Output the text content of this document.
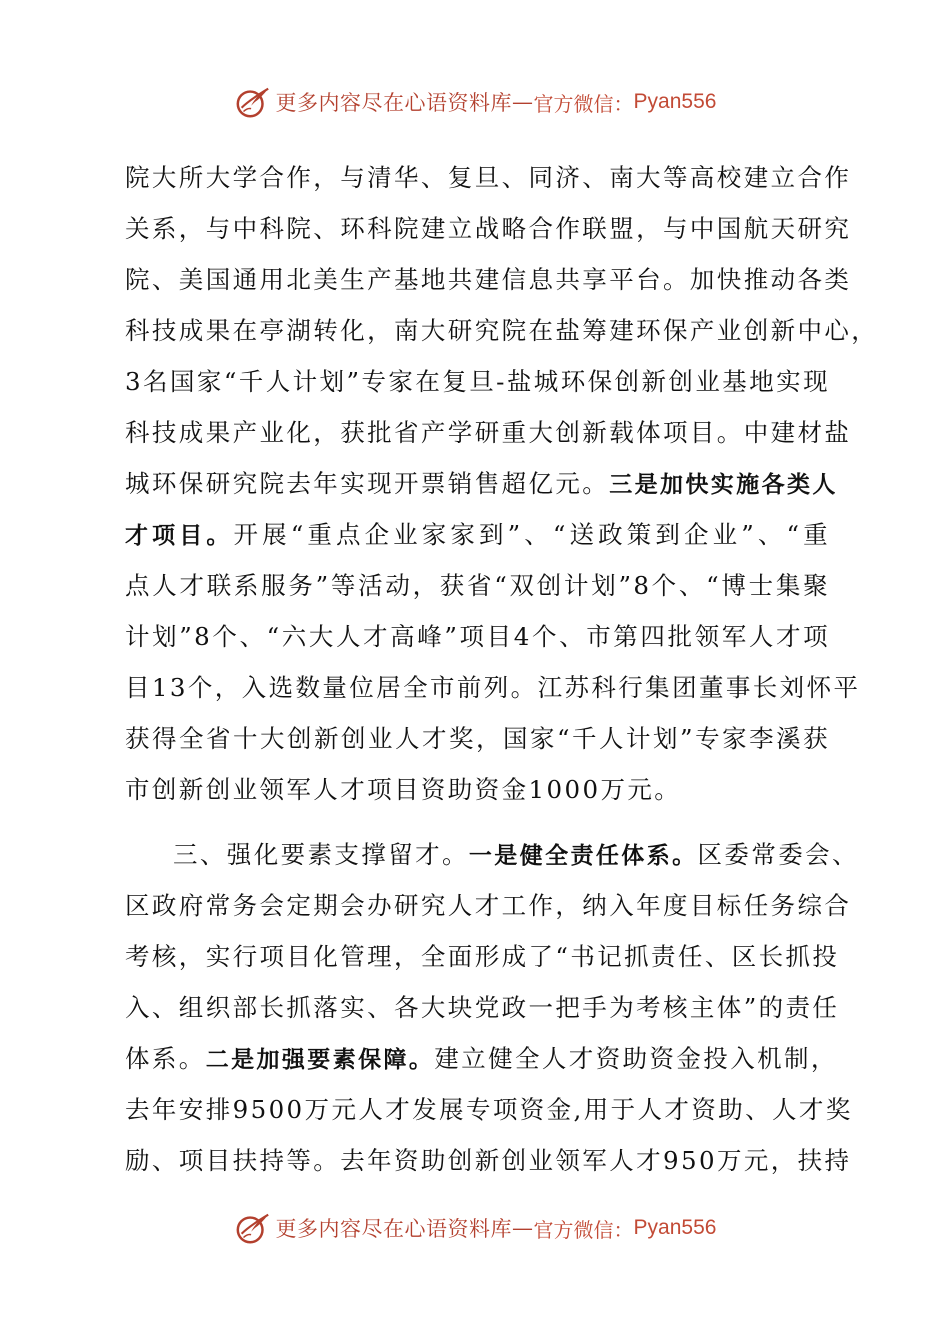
更多内容尽在心语资料库 — 官方微信： Pyan556
院大所大学合作，与清华、复旦、同济、南大等高校建立合作
关系，与中科院、环科院建立战略合作联盟，与中国航天研究
院、美国通用北美生产基地共建信息共享平台。加快推动各类
科技成果在亭湖转化，南大研究院在盐筹建环保产业创新中心，
3名国家“千人计划”专家在复旦-盐城环保创新创业基地实现
科技成果产业化，获批省产学研重大创新载体项目。中建材盐
城环保研究院去年实现开票销售超亿元。三是加快实施各类人
才项目。开展“重点企业家家到”、“送政策到企业”、“重
点人才联系服务”等活动，获省“双创计划”8个、“博士集聚
计划”8个、“六大人才高峰”项目4个、市第四批领军人才项
目13个，入选数量位居全市前列。江苏科行集团董事长刘怀平
获得全省十大创新创业人才奖，国家“千人计划”专家李溪获
市创新创业领军人才项目资助资金1000万元。
三、强化要素支撑留才。一是健全责任体系。区委常委会、
区政府常务会定期会办研究人才工作，纳入年度目标任务综合
考核，实行项目化管理，全面形成了“书记抓责任、区长抓投
入、组织部长抓落实、各大块党政一把手为考核主体”的责任
体系。二是加强要素保障。建立健全人才资助资金投入机制，
去年安排9500万元人才发展专项资金,用于人才资助、人才奖
励、项目扶持等。去年资助创新创业领军人才950万元，扶持
更多内容尽在心语资料库 — 官方微信： Pyan556
